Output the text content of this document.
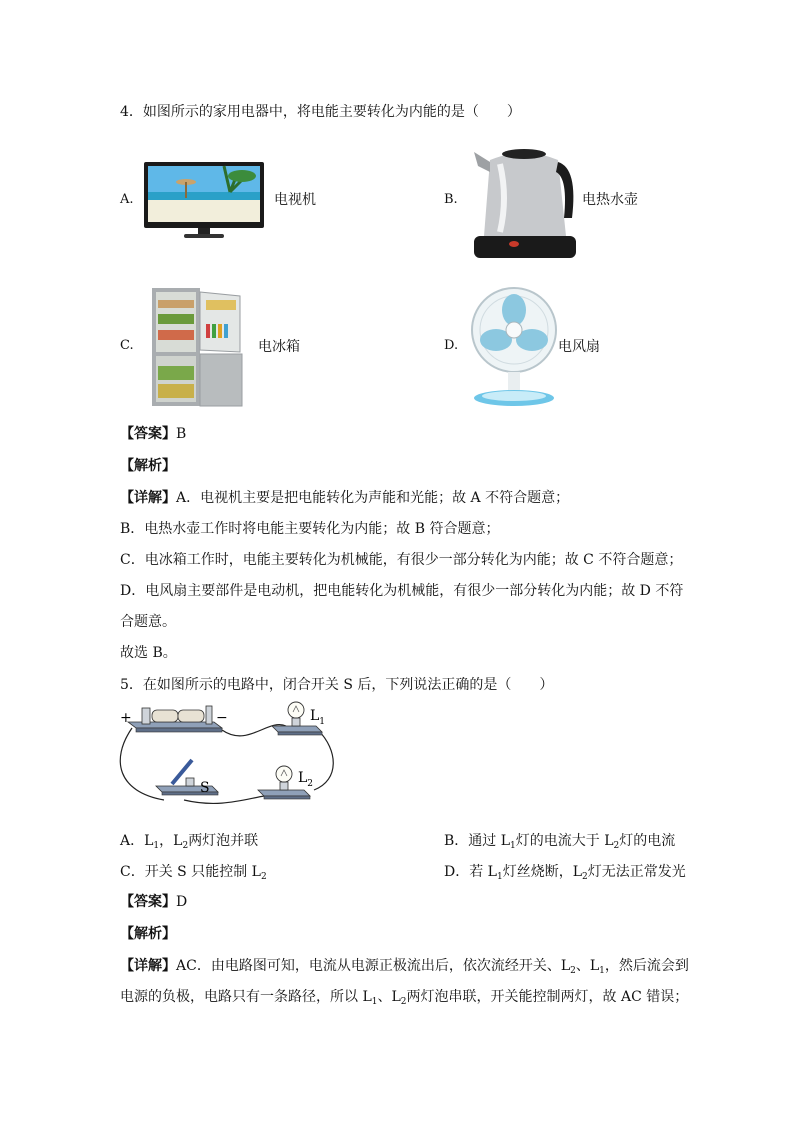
4．如图所示的家用电器中，将电能主要转化为内能的是（　　）
A.	电视机	B.	电热水壶
C.	电冰箱	D.	电风扇
【答案】B
【解析】
【详解】A．电视机主要是把电能转化为声能和光能；故 A 不符合题意；
B．电热水壶工作时将电能主要转化为内能；故 B 符合题意；
C．电冰箱工作时，电能主要转化为机械能，有很少一部分转化为内能；故 C 不符合题意；
D．电风扇主要部件是电动机，把电能转化为机械能，有很少一部分转化为内能；故 D 不符
合题意。
故选 B。
5．在如图所示的电路中，闭合开关 S 后，下列说法正确的是（　　）
+	−	$L_1$
S
$L_2$
A．$L_1$，$L_2$两灯泡并联	B．通过 $L_1$灯的电流大于 $L_2$灯的电流
C．开关 S 只能控制 $L_2$	D．若 $L_1$灯丝烧断，$L_2$灯无法正常发光
【答案】D
【解析】
【详解】AC．由电路图可知，电流从电源正极流出后，依次流经开关、$L_2$、$L_1$，然后流会到
电源的负极，电路只有一条路径，所以 $L_1$、$L_2$两灯泡串联，开关能控制两灯，故 AC 错误；
